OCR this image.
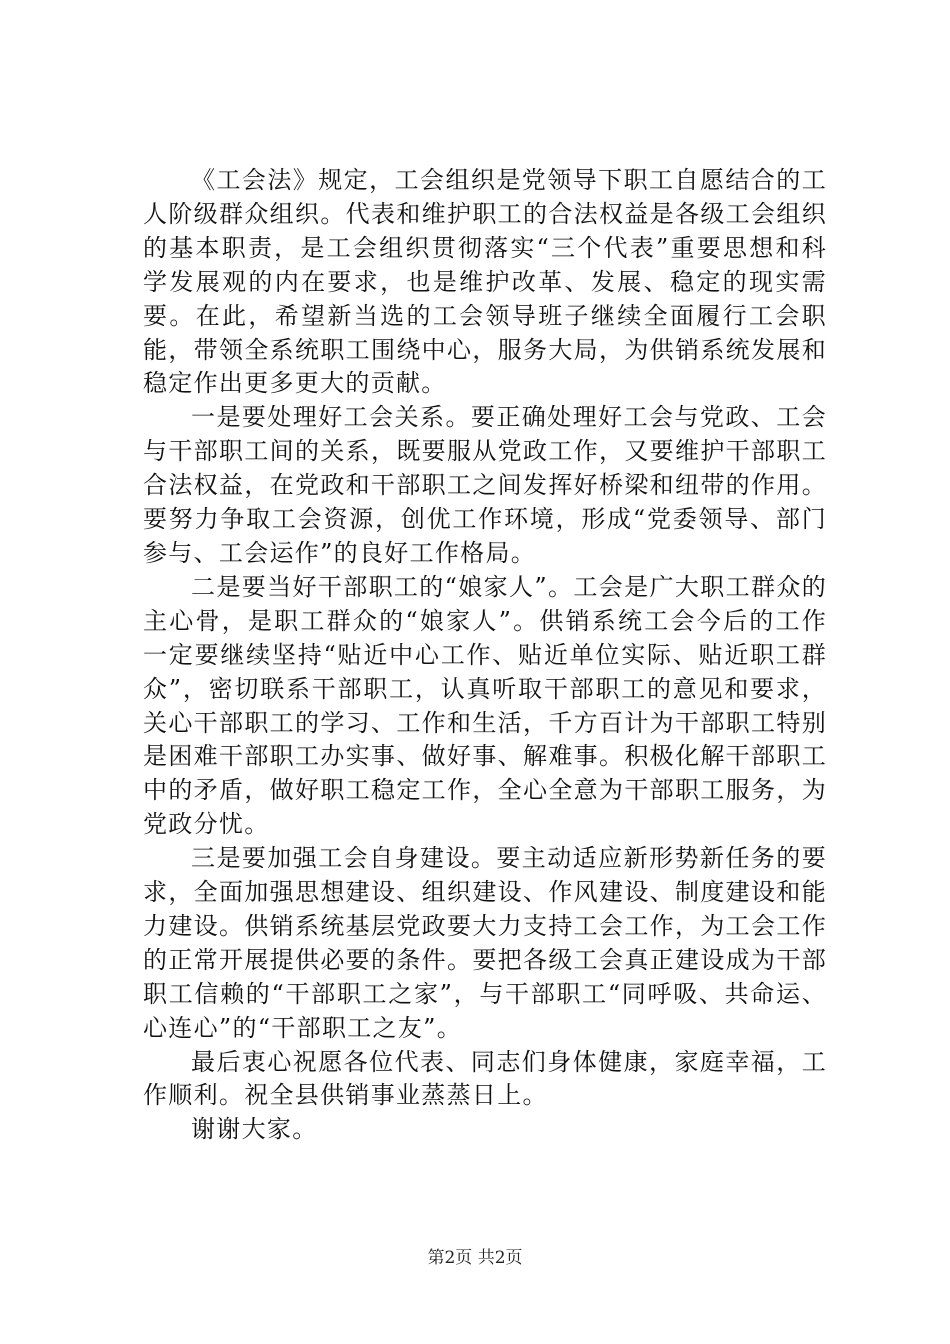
《工会法》规定，工会组织是党领导下职工自愿结合的工人阶级群众组织。代表和维护职工的合法权益是各级工会组织的基本职责，是工会组织贯彻落实“三个代表”重要思想和科学发展观的内在要求，也是维护改革、发展、稳定的现实需要。在此，希望新当选的工会领导班子继续全面履行工会职能，带领全系统职工围绕中心，服务大局，为供销系统发展和稳定作出更多更大的贡献。

一是要处理好工会关系。要正确处理好工会与党政、工会与干部职工间的关系，既要服从党政工作，又要维护干部职工合法权益，在党政和干部职工之间发挥好桥梁和纽带的作用。要努力争取工会资源，创优工作环境，形成“党委领导、部门参与、工会运作”的良好工作格局。

二是要当好干部职工的“娘家人”。工会是广大职工群众的主心骨，是职工群众的“娘家人”。供销系统工会今后的工作一定要继续坚持“贴近中心工作、贴近单位实际、贴近职工群众”，密切联系干部职工，认真听取干部职工的意见和要求，关心干部职工的学习、工作和生活，千方百计为干部职工特别是困难干部职工办实事、做好事、解难事。积极化解干部职工中的矛盾，做好职工稳定工作，全心全意为干部职工服务，为党政分忧。

三是要加强工会自身建设。要主动适应新形势新任务的要求，全面加强思想建设、组织建设、作风建设、制度建设和能力建设。供销系统基层党政要大力支持工会工作，为工会工作的正常开展提供必要的条件。要把各级工会真正建设成为干部职工信赖的“干部职工之家”，与干部职工“同呼吸、共命运、心连心”的“干部职工之友”。

最后衷心祝愿各位代表、同志们身体健康，家庭幸福，工作顺利。祝全县供销事业蒸蒸日上。

谢谢大家。

第2页 共2页
